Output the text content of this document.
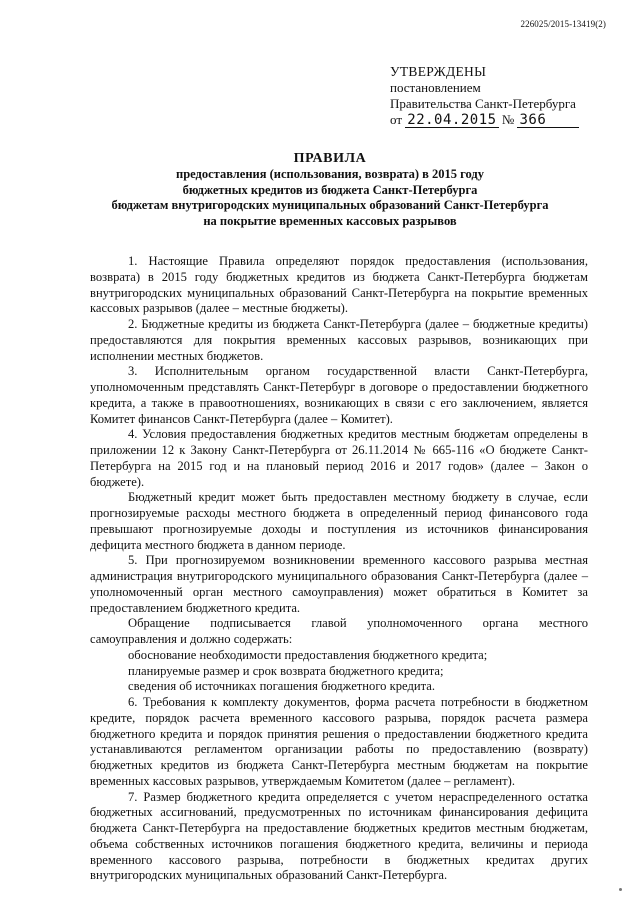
226025/2015-13419(2)
УТВЕРЖДЕНЫ
постановлением
Правительства Санкт-Петербурга
от 22.04.2015 № 366
ПРАВИЛА
предоставления (использования, возврата) в 2015 году
бюджетных кредитов из бюджета Санкт-Петербурга
бюджетам внутригородских муниципальных образований Санкт-Петербурга
на покрытие временных кассовых разрывов

1. Настоящие Правила определяют порядок предоставления (использования, возврата) в 2015 году бюджетных кредитов из бюджета Санкт-Петербурга бюджетам внутригородских муниципальных образований Санкт-Петербурга на покрытие временных кассовых разрывов (далее – местные бюджеты).

2. Бюджетные кредиты из бюджета Санкт-Петербурга (далее – бюджетные кредиты) предоставляются для покрытия временных кассовых разрывов, возникающих при исполнении местных бюджетов.

3. Исполнительным органом государственной власти Санкт-Петербурга, уполномоченным представлять Санкт-Петербург в договоре о предоставлении бюджетного кредита, а также в правоотношениях, возникающих в связи с его заключением, является Комитет финансов Санкт-Петербурга (далее – Комитет).

4. Условия предоставления бюджетных кредитов местным бюджетам определены в приложении 12 к Закону Санкт-Петербурга от 26.11.2014 № 665-116 «О бюджете Санкт-Петербурга на 2015 год и на плановый период 2016 и 2017 годов» (далее – Закон о бюджете).

Бюджетный кредит может быть предоставлен местному бюджету в случае, если прогнозируемые расходы местного бюджета в определенный период финансового года превышают прогнозируемые доходы и поступления из источников финансирования дефицита местного бюджета в данном периоде.

5. При прогнозируемом возникновении временного кассового разрыва местная администрация внутригородского муниципального образования Санкт-Петербурга (далее – уполномоченный орган местного самоуправления) может обратиться в Комитет за предоставлением бюджетного кредита.

Обращение подписывается главой уполномоченного органа местного самоуправления и должно содержать:

обоснование необходимости предоставления бюджетного кредита;

планируемые размер и срок возврата бюджетного кредита;

сведения об источниках погашения бюджетного кредита.

6. Требования к комплекту документов, форма расчета потребности в бюджетном кредите, порядок расчета временного кассового разрыва, порядок расчета размера бюджетного кредита и порядок принятия решения о предоставлении бюджетного кредита устанавливаются регламентом организации работы по предоставлению (возврату) бюджетных кредитов из бюджета Санкт-Петербурга местным бюджетам на покрытие временных кассовых разрывов, утверждаемым Комитетом (далее – регламент).

7. Размер бюджетного кредита определяется с учетом нераспределенного остатка бюджетных ассигнований, предусмотренных по источникам финансирования дефицита бюджета Санкт-Петербурга на предоставление бюджетных кредитов местным бюджетам, объема собственных источников погашения бюджетного кредита, величины и периода временного кассового разрыва, потребности в бюджетных кредитах других внутригородских муниципальных образований Санкт-Петербурга.
